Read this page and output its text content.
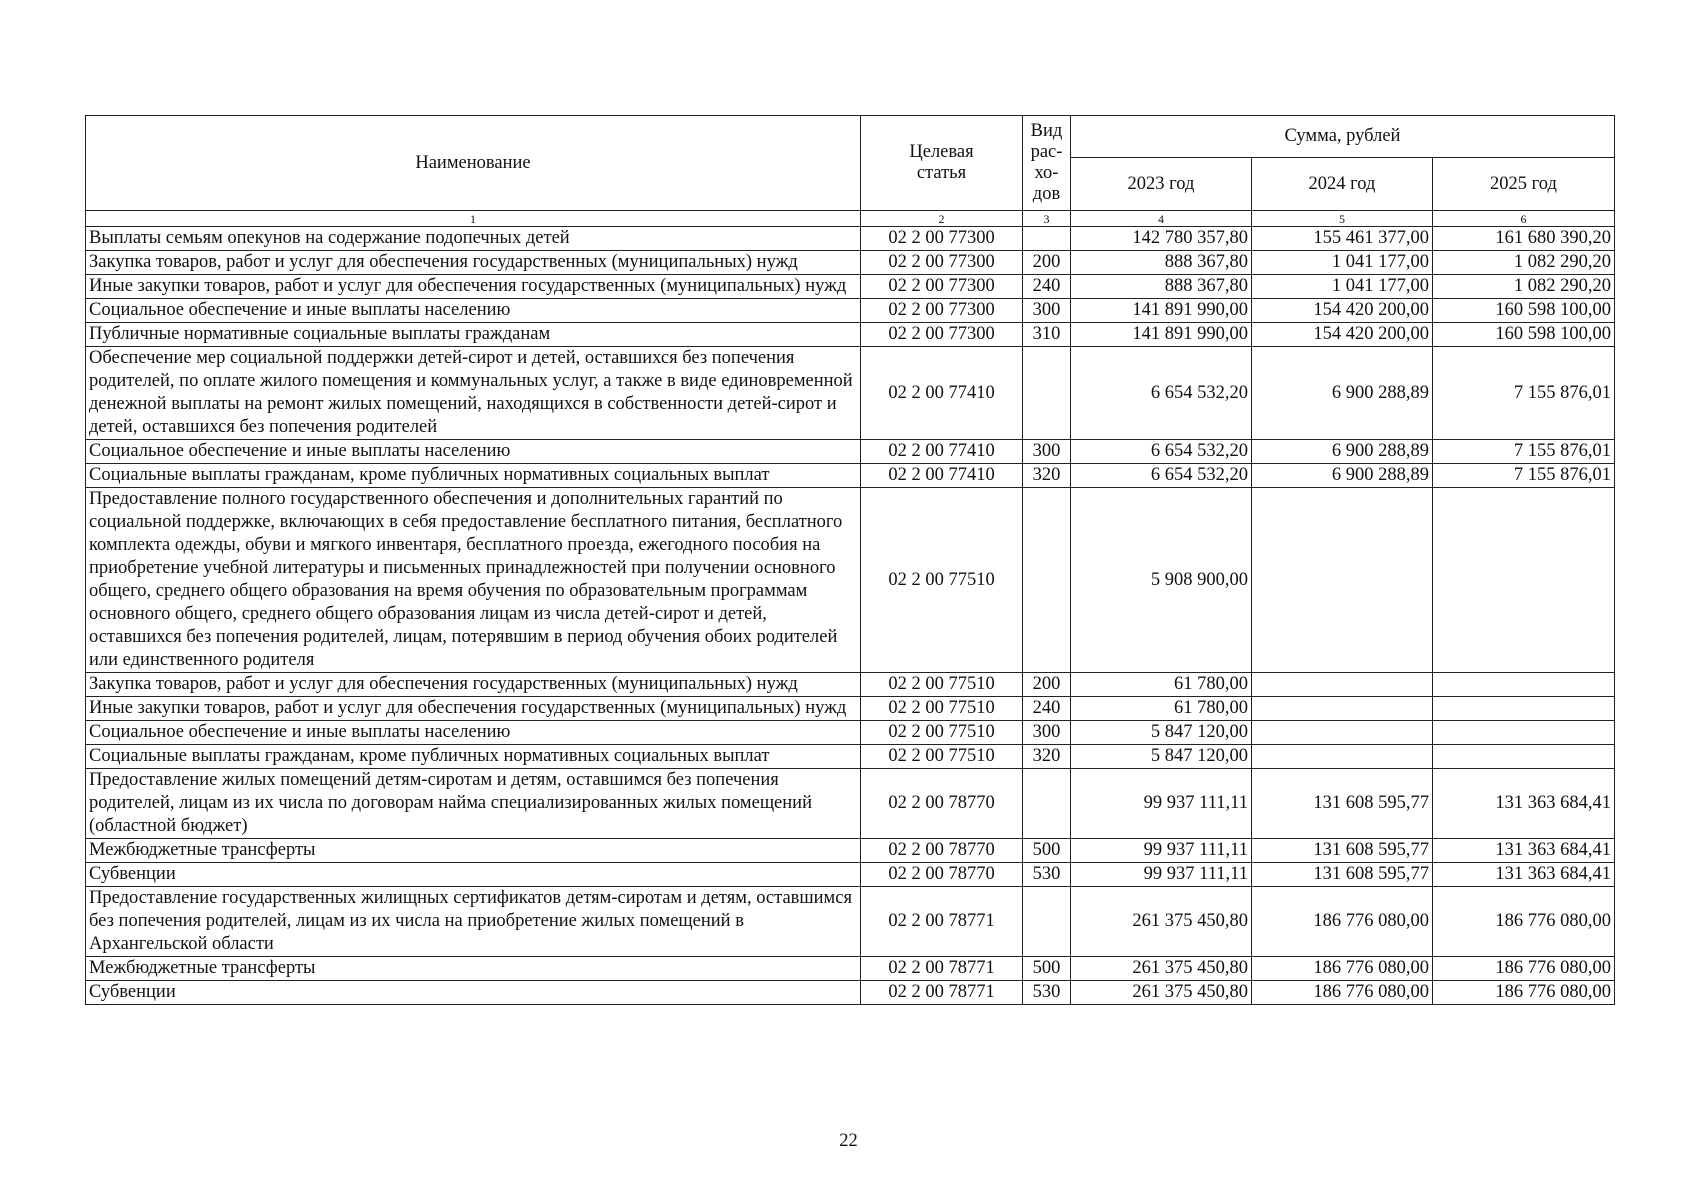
Наименование	Целевая статья	Вид рас-хо-дов	Сумма, рублей		
			2023 год	2024 год	2025 год
1	2	3	4	5	6
Выплаты семьям опекунов на содержание подопечных детей	02 2 00 77300		142 780 357,80	155 461 377,00	161 680 390,20
Закупка товаров, работ и услуг для обеспечения государственных (муниципальных) нужд	02 2 00 77300	200	888 367,80	1 041 177,00	1 082 290,20
Иные закупки товаров, работ и услуг для обеспечения государственных (муниципальных) нужд	02 2 00 77300	240	888 367,80	1 041 177,00	1 082 290,20
Социальное обеспечение и иные выплаты населению	02 2 00 77300	300	141 891 990,00	154 420 200,00	160 598 100,00
Публичные нормативные социальные выплаты гражданам	02 2 00 77300	310	141 891 990,00	154 420 200,00	160 598 100,00
Обеспечение мер социальной поддержки детей-сирот и детей, оставшихся без попечения родителей, по оплате жилого помещения и коммунальных услуг, а также в виде единовременной денежной выплаты на ремонт жилых помещений, находящихся в собственности детей-сирот и детей, оставшихся без попечения родителей	02 2 00 77410		6 654 532,20	6 900 288,89	7 155 876,01
Социальное обеспечение и иные выплаты населению	02 2 00 77410	300	6 654 532,20	6 900 288,89	7 155 876,01
Социальные выплаты гражданам, кроме публичных нормативных социальных выплат	02 2 00 77410	320	6 654 532,20	6 900 288,89	7 155 876,01
Предоставление полного государственного обеспечения и дополнительных гарантий по социальной поддержке, включающих в себя предоставление бесплатного питания, бесплатного комплекта одежды, обуви и мягкого инвентаря, бесплатного проезда, ежегодного пособия на приобретение учебной литературы и письменных принадлежностей при получении основного общего, среднего общего образования на время обучения по образовательным программам основного общего, среднего общего образования лицам из числа детей-сирот и детей, оставшихся без попечения родителей, лицам, потерявшим в период обучения обоих родителей или единственного родителя	02 2 00 77510		5 908 900,00		
Закупка товаров, работ и услуг для обеспечения государственных (муниципальных) нужд	02 2 00 77510	200	61 780,00		
Иные закупки товаров, работ и услуг для обеспечения государственных (муниципальных) нужд	02 2 00 77510	240	61 780,00		
Социальное обеспечение и иные выплаты населению	02 2 00 77510	300	5 847 120,00		
Социальные выплаты гражданам, кроме публичных нормативных социальных выплат	02 2 00 77510	320	5 847 120,00		
Предоставление жилых помещений детям-сиротам и детям, оставшимся без попечения родителей, лицам из их числа по договорам найма специализированных жилых помещений (областной бюджет)	02 2 00 78770		99 937 111,11	131 608 595,77	131 363 684,41
Межбюджетные трансферты	02 2 00 78770	500	99 937 111,11	131 608 595,77	131 363 684,41
Субвенции	02 2 00 78770	530	99 937 111,11	131 608 595,77	131 363 684,41
Предоставление государственных жилищных сертификатов детям-сиротам и детям, оставшимся без попечения родителей, лицам из их числа на приобретение жилых помещений в Архангельской области	02 2 00 78771		261 375 450,80	186 776 080,00	186 776 080,00
Межбюджетные трансферты	02 2 00 78771	500	261 375 450,80	186 776 080,00	186 776 080,00
Субвенции	02 2 00 78771	530	261 375 450,80	186 776 080,00	186 776 080,00
22
